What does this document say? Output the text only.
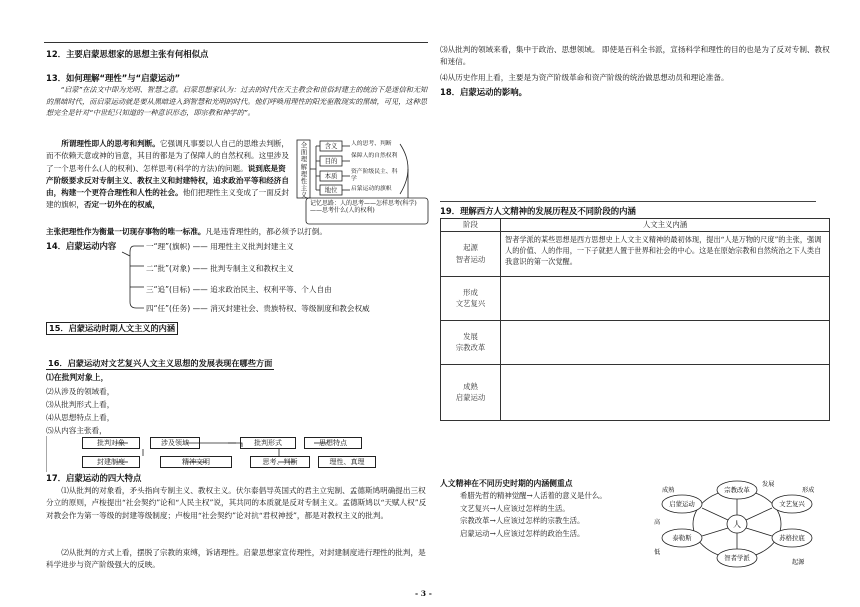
12．主要启蒙思想家的思想主张有何相似点
13．如何理解“理性”与“启蒙运动”

“启蒙”在法文中即为光明、智慧之意。启蒙思想家认为：过去的时代在天主教会和世俗封建主的统治下是迷信和无知的黑暗时代，而启蒙运动就是要从黑暗进入到智慧和光明的时代。他们呼唤用理性的阳光驱散现实的黑暗，可见，这种思想完全是针对“中世纪只知道的一种意识形态，即宗教和神学的”。

所谓理性即人的思考和判断。它强调凡事要以人自己的思维去判断，而不依赖天意或神的旨意，其目的都是为了保障人的自然权利。这里涉及了一个思考什么(人的权利)、怎样思考(科学的方法)的问题。说到底是资产阶级要求反对专制主义、教权主义和封建特权，追求政治平等和经济自由，构建一个更符合理性和人性的社会。他们把理性主义变成了一面反封建的旗帜，否定一切外在的权威，
主张把理性作为衡量一切现存事物的唯一标准。凡是违背理性的，都必须予以打倒。
全面理解理性主义
含义
目的
本质
地位
人的思考、判断
保障人的自然权利
资产阶级民主、科学
启蒙运动的旗帜
记忆思路：人的思考——怎样思考(科学)——思考什么(人的权利)
14．启蒙运动内容	一“理”(旗帜) —— 用理性主义批判封建主义
二“批”(对象) —— 批判专制主义和教权主义
三“追”(目标) —— 追求政治民主、权利平等、个人自由
四“任”(任务) —— 消灭封建社会、贵族特权、等级制度和教会权威
15．启蒙运动时期人文主义的内涵
16．启蒙运动对文艺复兴人文主义思想的发展表现在哪些方面
⑴在批判对象上，
⑵从涉及的领域看，
⑶从批判形式上看，
⑷从思想特点上看，
⑸从内容主张看，
批判对象	涉及领域	批判形式	思想特点
封建制度	精神文明	思考、判断	理性、真理
17．启蒙运动的四大特点

⑴从批判的对象看，矛头指向专制主义、教权主义。伏尔泰倡导英国式的君主立宪制、孟德斯鸠明确提出三权分立的原则，卢梭提出“社会契约”论和“人民主权”说，其共同的本质就是反对专制主义。孟德斯鸠以“天赋人权”反对教会作为第一等级的封建等级制度；卢梭用“社会契约”论对抗“君权神授”，都是对教权主义的批判。

⑵从批判的方式上看，摆脱了宗教的束缚，诉诸理性。启蒙思想家宣传理性，对封建制度进行理性的批判，是科学进步与资产阶级强大的反映。

⑶从批判的领域来看，集中于政治、思想领域。 即使是百科全书派，宣扬科学和理性的目的也是为了反对专制、教权和迷信。

⑷从历史作用上看，主要是为资产阶级革命和资产阶级的统治做思想动员和理论准备。

18．启蒙运动的影响。
19．理解西方人文精神的发展历程及不同阶段的内涵
阶段	人文主义内涵

起源
智者运动	智者学派的某些思想是西方思想史上人文主义精神的最初体现，提出“人是万物的尺度”的主张，强调人的价值、人的作用，一下子就把人置于世界和社会的中心。这是在原始宗教和自然统治之下人类自我意识的第一次觉醒。

形成
文艺复兴	

发展
宗教改革	

成熟
启蒙运动	

人文精神在不同历史时期的内涵侧重点
希腊先哲的精神觉醒→人活着的意义是什么。
文艺复兴→人应该过怎样的生活。
宗教改革→人应该过怎样的宗教生活。
启蒙运动→人应该过怎样的政治生活。
人
宗教改革
文艺复兴
苏格拉底
智者学派
泰勒斯
启蒙运动
发展
形成
起源
高
成熟
低
- 3 -
